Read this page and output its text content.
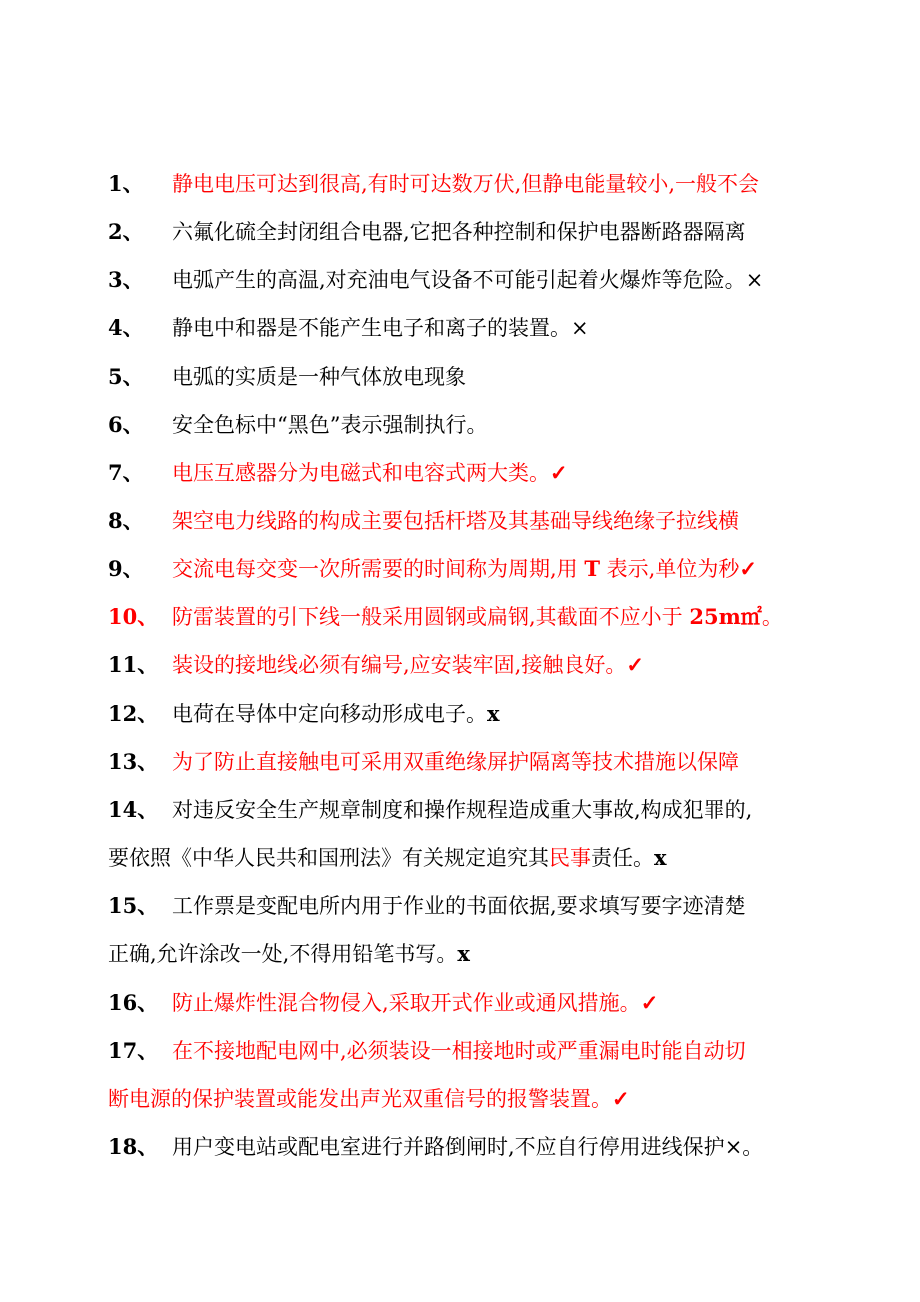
1、 静电电压可达到很高,有时可达数万伏,但静电能量较小,一般不会
2、 六氟化硫全封闭组合电器,它把各种控制和保护电器断路器隔离
3、 电弧产生的高温,对充油电气设备不可能引起着火爆炸等危险。×
4、 静电中和器是不能产生电子和离子的装置。×
5、 电弧的实质是一种气体放电现象
6、 安全色标中“黑色”表示强制执行。
7、 电压互感器分为电磁式和电容式两大类。✓
8、 架空电力线路的构成主要包括杆塔及其基础导线绝缘子拉线横
9、 交流电每交变一次所需要的时间称为周期,用 T 表示,单位为秒✓
10、 防雷装置的引下线一般采用圆钢或扁钢,其截面不应小于 25m㎡。
11、 装设的接地线必须有编号,应安装牢固,接触良好。✓
12、 电荷在导体中定向移动形成电子。x
13、 为了防止直接触电可采用双重绝缘屏护隔离等技术措施以保障
14、 对违反安全生产规章制度和操作规程造成重大事故,构成犯罪的,
要依照《中华人民共和国刑法》有关规定追究其民事责任。x
15、 工作票是变配电所内用于作业的书面依据,要求填写要字迹清楚
正确,允许涂改一处,不得用铅笔书写。x
16、 防止爆炸性混合物侵入,采取开式作业或通风措施。✓
17、 在不接地配电网中,必须装设一相接地时或严重漏电时能自动切
断电源的保护装置或能发出声光双重信号的报警装置。✓
18、 用户变电站或配电室进行并路倒闸时,不应自行停用进线保护×。
